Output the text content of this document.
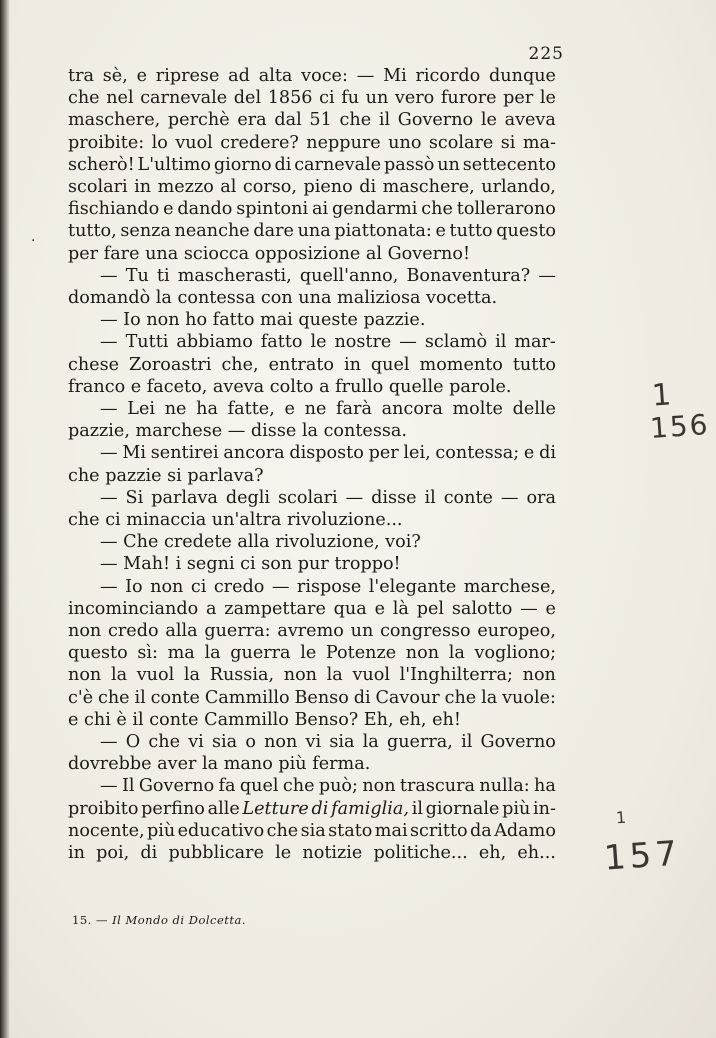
·
225
tra sè, e riprese ad alta voce: — Mi ricordo dunque
che nel carnevale del 1856 ci fu un vero furore per le
maschere, perchè era dal 51 che il Governo le aveva
proibite: lo vuol credere? neppure uno scolare si ma-
scherò! L'ultimo giorno di carnevale passò un settecento
scolari in mezzo al corso, pieno di maschere, urlando,
fischiando e dando spintoni ai gendarmi che tollerarono
tutto, senza neanche dare una piattonata: e tutto questo
per fare una sciocca opposizione al Governo!
— Tu ti mascherasti, quell'anno, Bonaventura? —
domandò la contessa con una maliziosa vocetta.
— Io non ho fatto mai queste pazzie.
— Tutti abbiamo fatto le nostre — sclamò il mar-
chese Zoroastri che, entrato in quel momento tutto
franco e faceto, aveva colto a frullo quelle parole.
— Lei ne ha fatte, e ne farà ancora molte delle
pazzie, marchese — disse la contessa.
— Mi sentirei ancora disposto per lei, contessa; e di
che pazzie si parlava?
— Si parlava degli scolari — disse il conte — ora
che ci minaccia un'altra rivoluzione...
— Che credete alla rivoluzione, voi?
— Mah! i segni ci son pur troppo!
— Io non ci credo — rispose l'elegante marchese,
incominciando a zampettare qua e là pel salotto — e
non credo alla guerra: avremo un congresso europeo,
questo sì: ma la guerra le Potenze non la vogliono;
non la vuol la Russia, non la vuol l'Inghilterra; non
c'è che il conte Cammillo Benso di Cavour che la vuole:
e chi è il conte Cammillo Benso? Eh, eh, eh!
— O che vi sia o non vi sia la guerra, il Governo
dovrebbe aver la mano più ferma.
— Il Governo fa quel che può; non trascura nulla: ha
proibito perfino alle Letture di famiglia, il giornale più in-
nocente, più educativo che sia stato mai scritto da Adamo
in poi, di pubblicare le notizie politiche... eh, eh...
15. — Il Mondo di Dolcetta.
1
156
1
157
